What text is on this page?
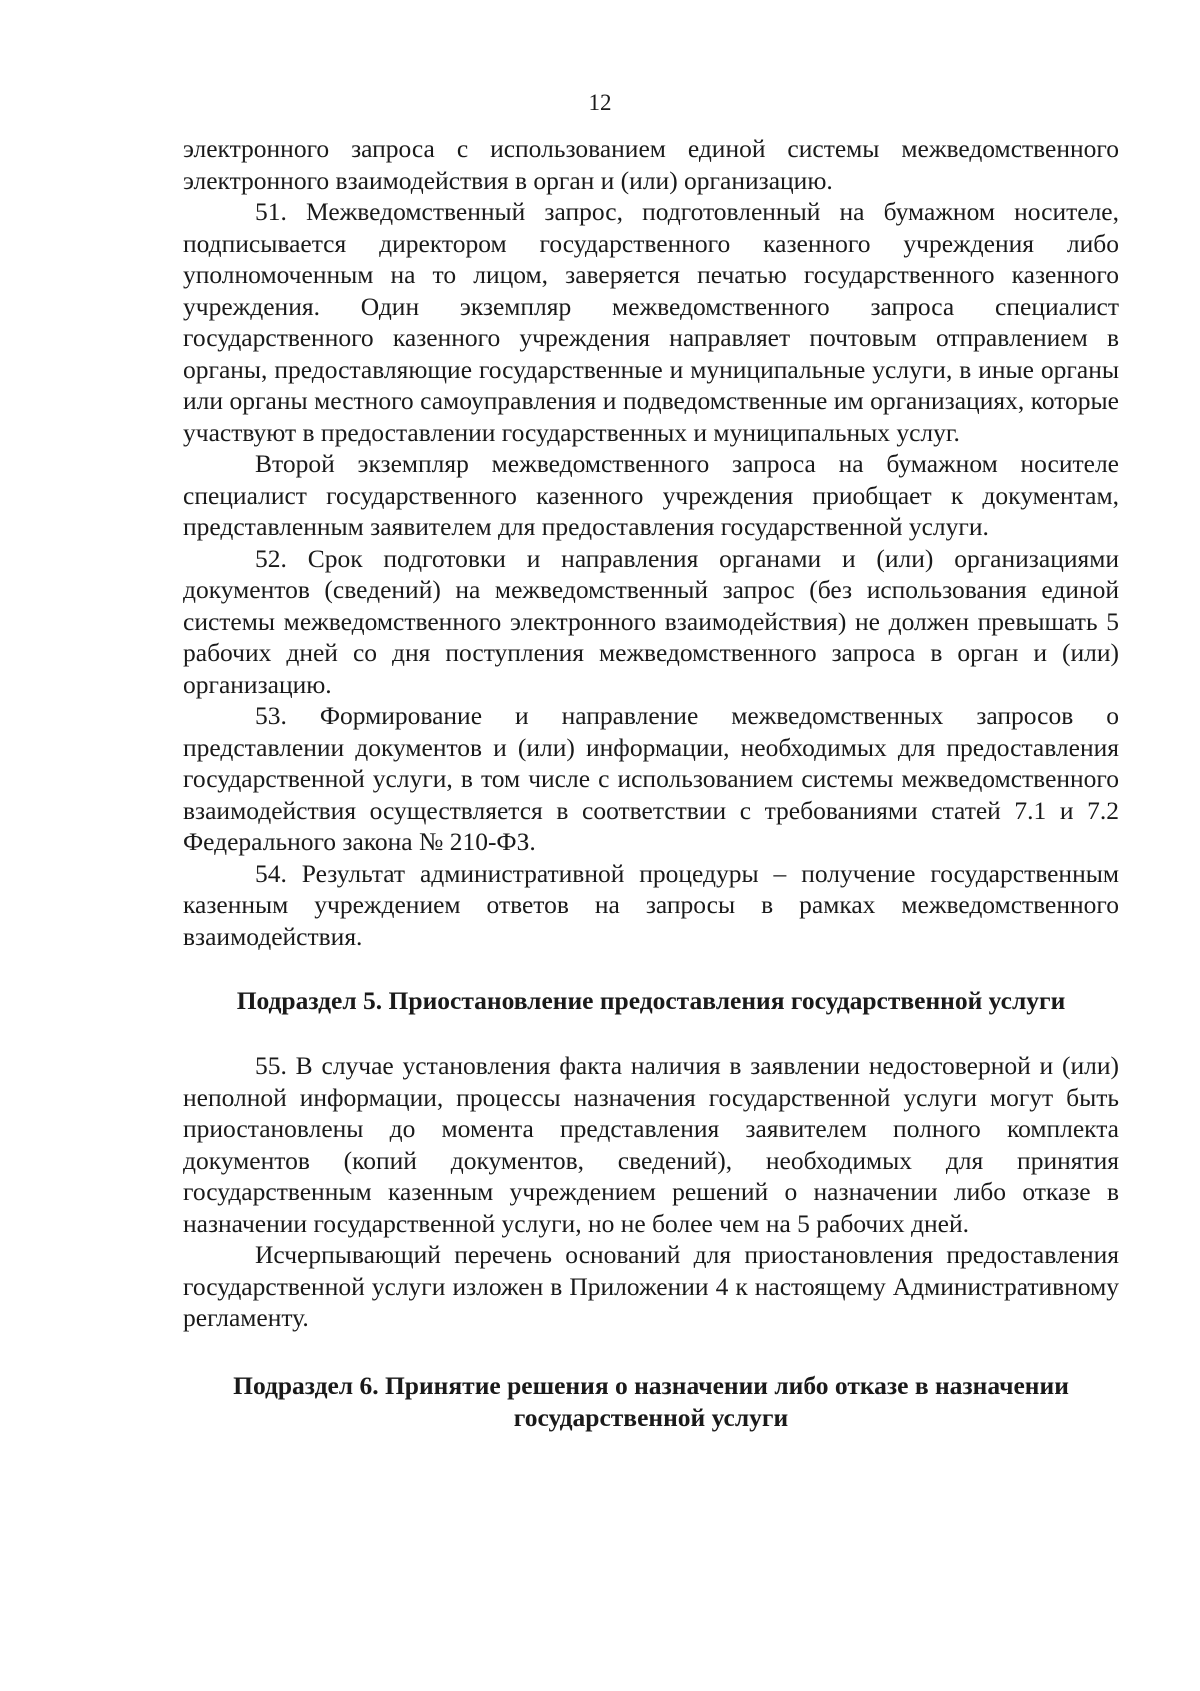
12

электронного запроса с использованием единой системы межведомственного электронного взаимодействия в орган и (или) организацию.

51. Межведомственный запрос, подготовленный на бумажном носителе, подписывается директором государственного казенного учреждения либо уполномоченным на то лицом, заверяется печатью государственного казенного учреждения. Один экземпляр межведомственного запроса специалист государственного казенного учреждения направляет почтовым отправлением в органы, предоставляющие государственные и муниципальные услуги, в иные органы или органы местного самоуправления и подведомственные им организациях, которые участвуют в предоставлении государственных и муниципальных услуг.

Второй экземпляр межведомственного запроса на бумажном носителе специалист государственного казенного учреждения приобщает к документам, представленным заявителем для предоставления государственной услуги.

52. Срок подготовки и направления органами и (или) организациями документов (сведений) на межведомственный запрос (без использования единой системы межведомственного электронного взаимодействия) не должен превышать 5 рабочих дней со дня поступления межведомственного запроса в орган и (или) организацию.

53. Формирование и направление межведомственных запросов о представлении документов и (или) информации, необходимых для предоставления государственной услуги, в том числе с использованием системы межведомственного взаимодействия осуществляется в соответствии с требованиями статей 7.1 и 7.2 Федерального закона № 210-ФЗ.

54. Результат административной процедуры – получение государственным казенным учреждением ответов на запросы в рамках межведомственного взаимодействия.

Подраздел 5. Приостановление предоставления государственной услуги

55. В случае установления факта наличия в заявлении недостоверной и (или) неполной информации, процессы назначения государственной услуги могут быть приостановлены до момента представления заявителем полного комплекта документов (копий документов, сведений), необходимых для принятия государственным казенным учреждением решений о назначении либо отказе в назначении государственной услуги, но не более чем на 5 рабочих дней.

Исчерпывающий перечень оснований для приостановления предоставления государственной услуги изложен в Приложении 4 к настоящему Административному регламенту.

Подраздел 6. Принятие решения о назначении либо отказе в назначении государственной услуги
